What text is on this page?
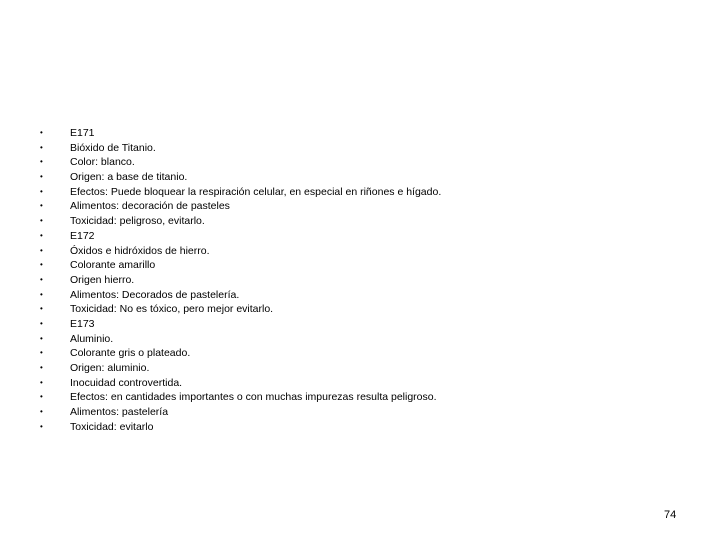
•	E171
•	Bióxido de Titanio.
•	Color: blanco.
•	Origen: a base de titanio.
•	Efectos: Puede bloquear la respiración celular, en especial en riñones e hígado.
•	Alimentos: decoración de pasteles
•	Toxicidad: peligroso, evitarlo.
•	E172
•	Óxidos e hidróxidos de hierro.
•	Colorante amarillo
•	Origen hierro.
•	Alimentos: Decorados de pastelería.
•	Toxicidad: No es tóxico, pero mejor evitarlo.
•	E173
•	Aluminio.
•	Colorante gris o plateado.
•	Origen: aluminio.
•	Inocuidad controvertida.
•	Efectos: en cantidades importantes o con muchas impurezas resulta peligroso.
•	Alimentos: pastelería
•	Toxicidad: evitarlo
74
